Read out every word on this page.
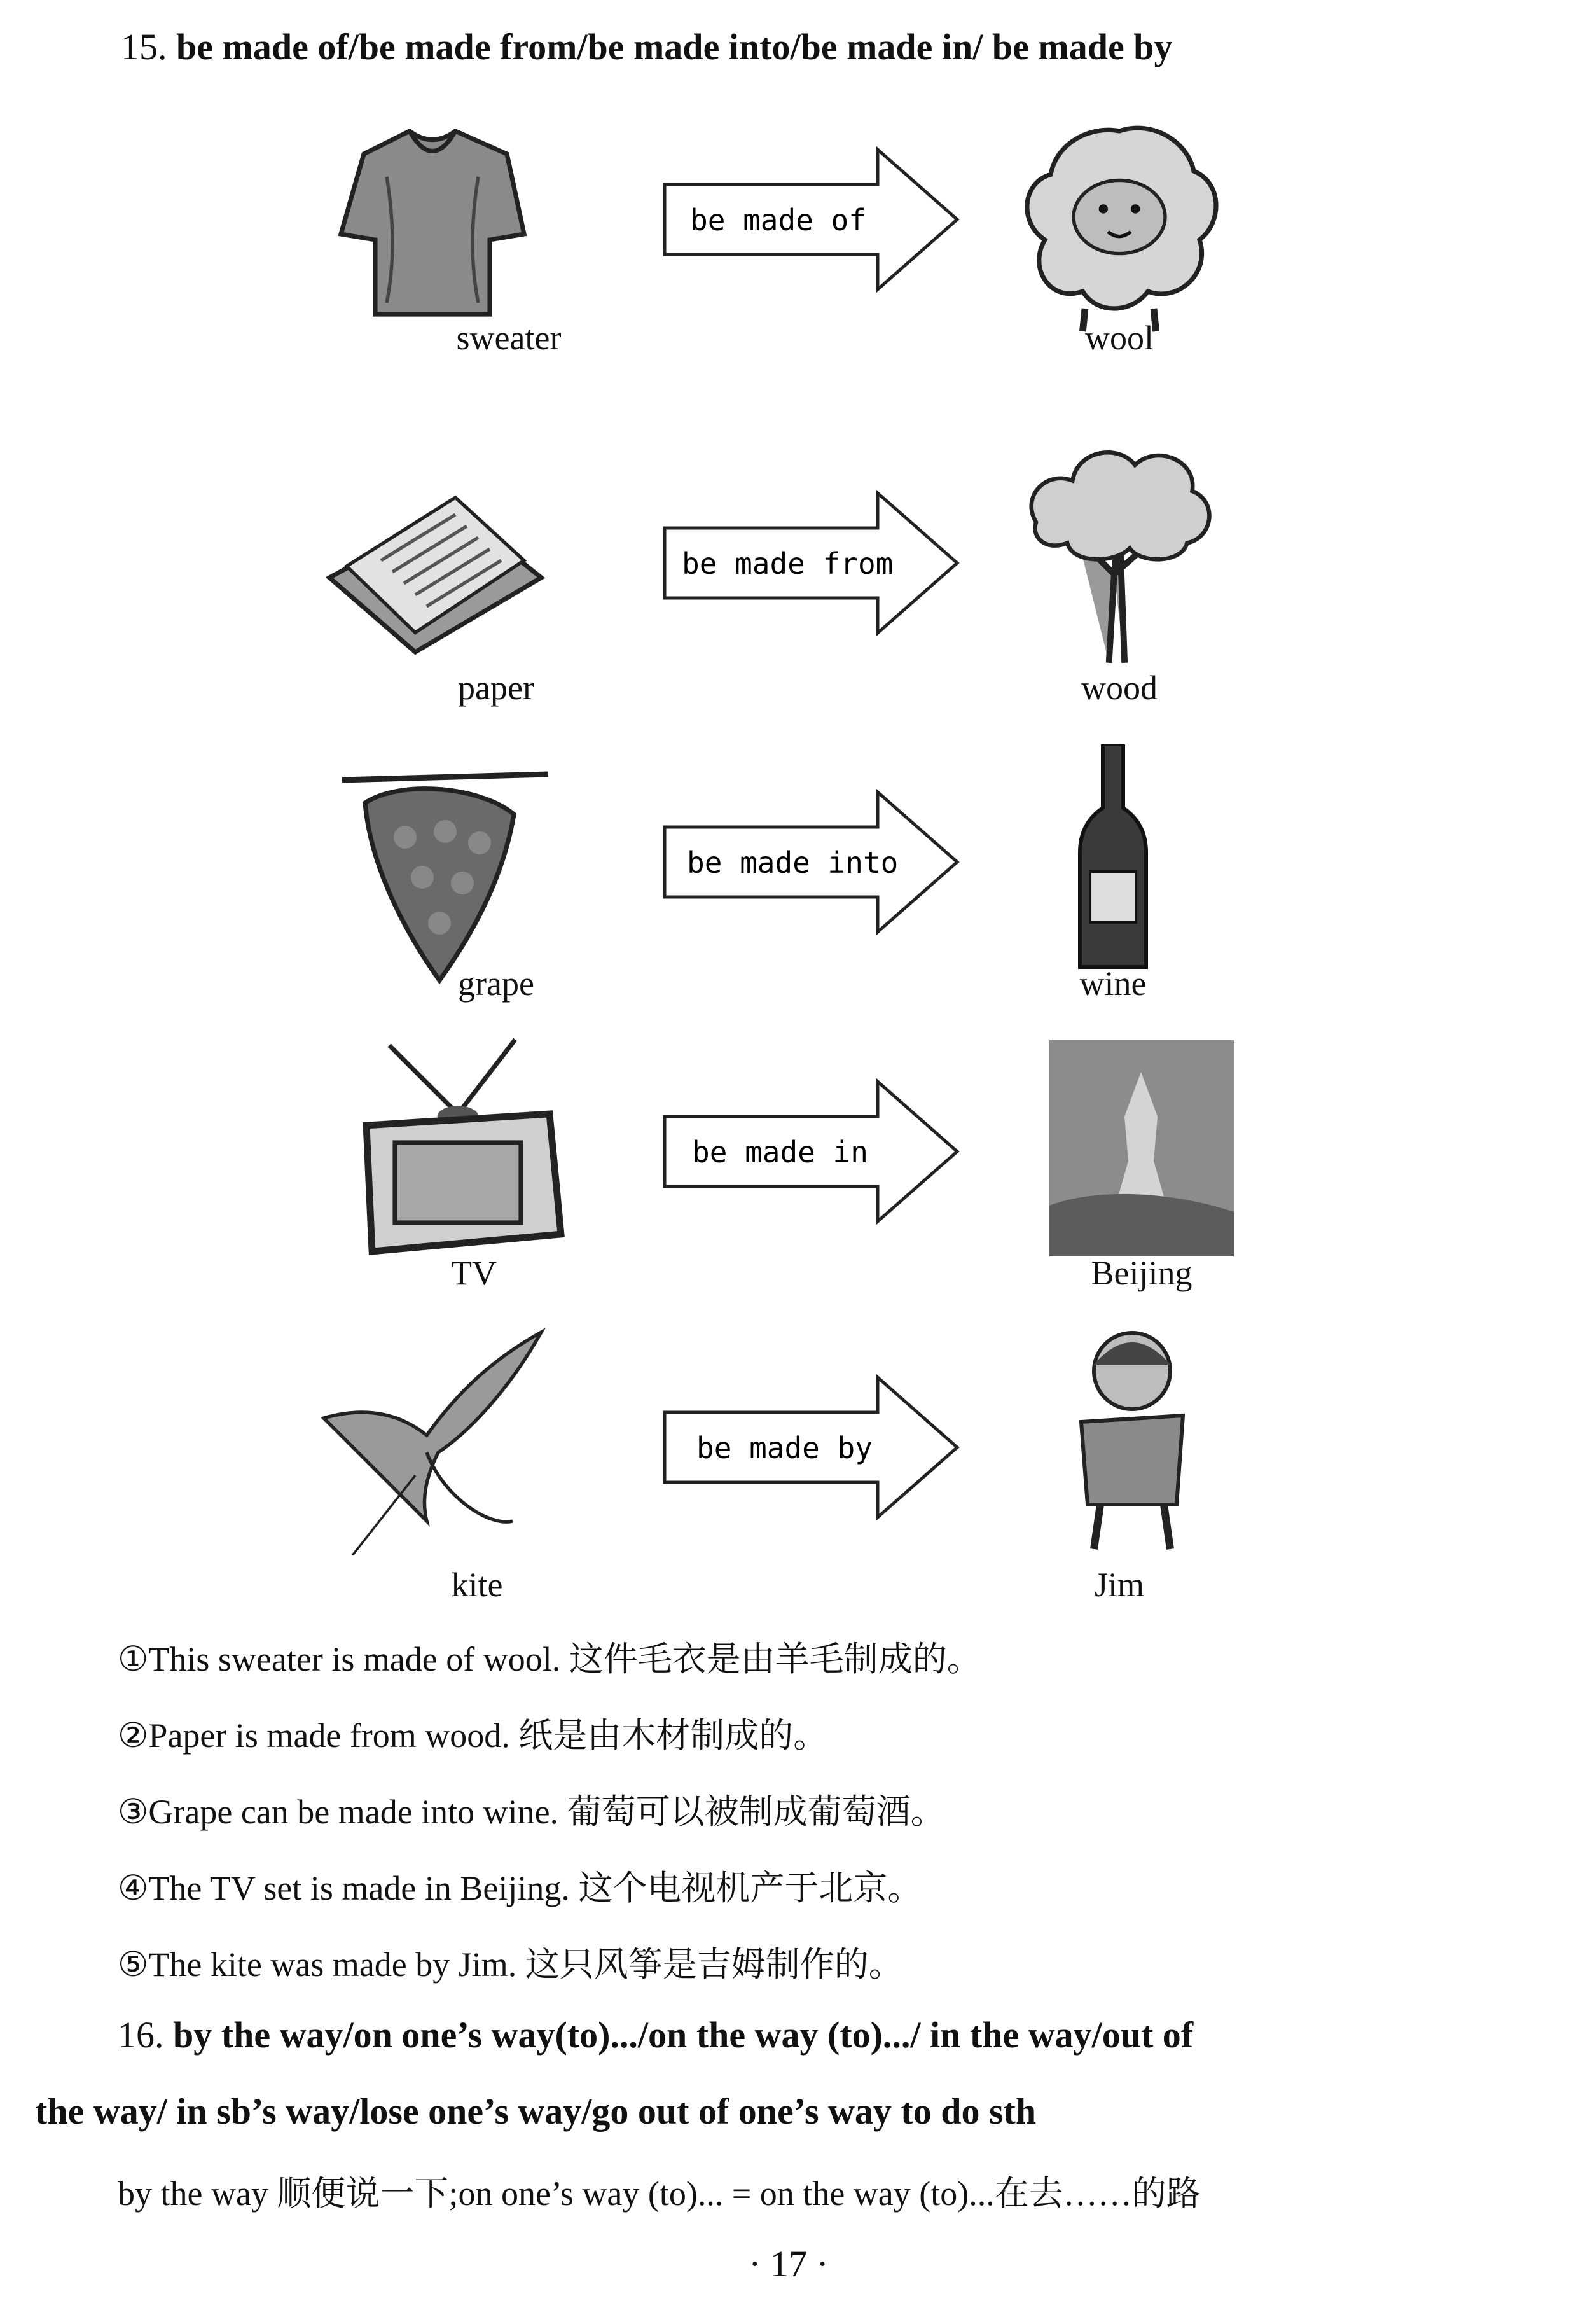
15. be made of/be made from/be made into/be made in/ be made by
be made of
sweater	wool
be made from
paper	wood
be made into
grape	wine
be made in
TV	Beijing
be made by
kite	Jim
①This sweater is made of wool. 这件毛衣是由羊毛制成的。
②Paper is made from wood. 纸是由木材制成的。
③Grape can be made into wine. 葡萄可以被制成葡萄酒。
④The TV set is made in Beijing. 这个电视机产于北京。
⑤The kite was made by Jim. 这只风筝是吉姆制作的。
16. by the way/on one’s way(to).../on the way (to).../ in the way/out of
the way/ in sb’s way/lose one’s way/go out of one’s way to do sth
by the way 顺便说一下;on one’s way (to)... = on the way (to)...在去……的路
· 17 ·
